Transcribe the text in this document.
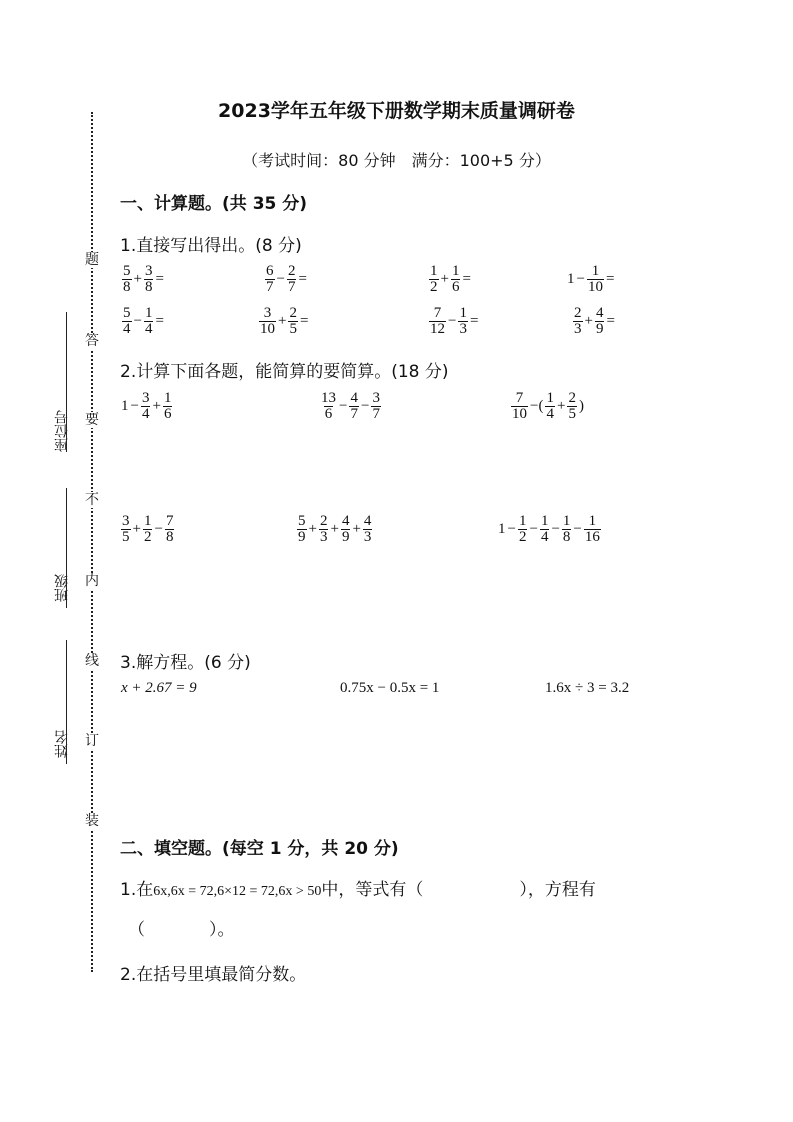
题
答
要
不
内
线
订
装
座位号
班级
姓名
2023学年五年级下册数学期末质量调研卷
（考试时间：80 分钟　满分：100+5 分）
一、计算题。(共 35 分)
1.直接写出得出。(8 分)
$\frac{5}{8} + \frac{3}{8}$ =	$\frac{6}{7} - \frac{2}{7}$ =	$\frac{1}{2} + \frac{1}{6}$ =	$1 - \frac{1}{10}$ =
$\frac{5}{4} - \frac{1}{4}$ =	$\frac{3}{10} + \frac{2}{5}$ =	$\frac{7}{12} - \frac{1}{3}$ =	$\frac{2}{3} + \frac{4}{9}$ =
2.计算下面各题，能简算的要简算。(18 分)
$1 - \frac{3}{4} + \frac{1}{6}$	$\frac{13}{6} - \frac{4}{7} - \frac{3}{7}$	$\frac{7}{10}$ −( $\frac{1}{4} + \frac{2}{5}$ )
$\frac{3}{5} + \frac{1}{2} - \frac{7}{8}$	$\frac{5}{9} + \frac{2}{3} + \frac{4}{9} + \frac{4}{3}$	$1 - \frac{1}{2} - \frac{1}{4} - \frac{1}{8} - \frac{1}{16}$
3.解方程。(6 分)
x + 2.67 = 9	0.75x − 0.5x = 1	1.6x ÷ 3 = 3.2
二、填空题。(每空 1 分，共 20 分)
1.在6x,6x = 72,6×12 = 72,6x > 50中，等式有（	），方程有
（	）。
2.在括号里填最简分数。
